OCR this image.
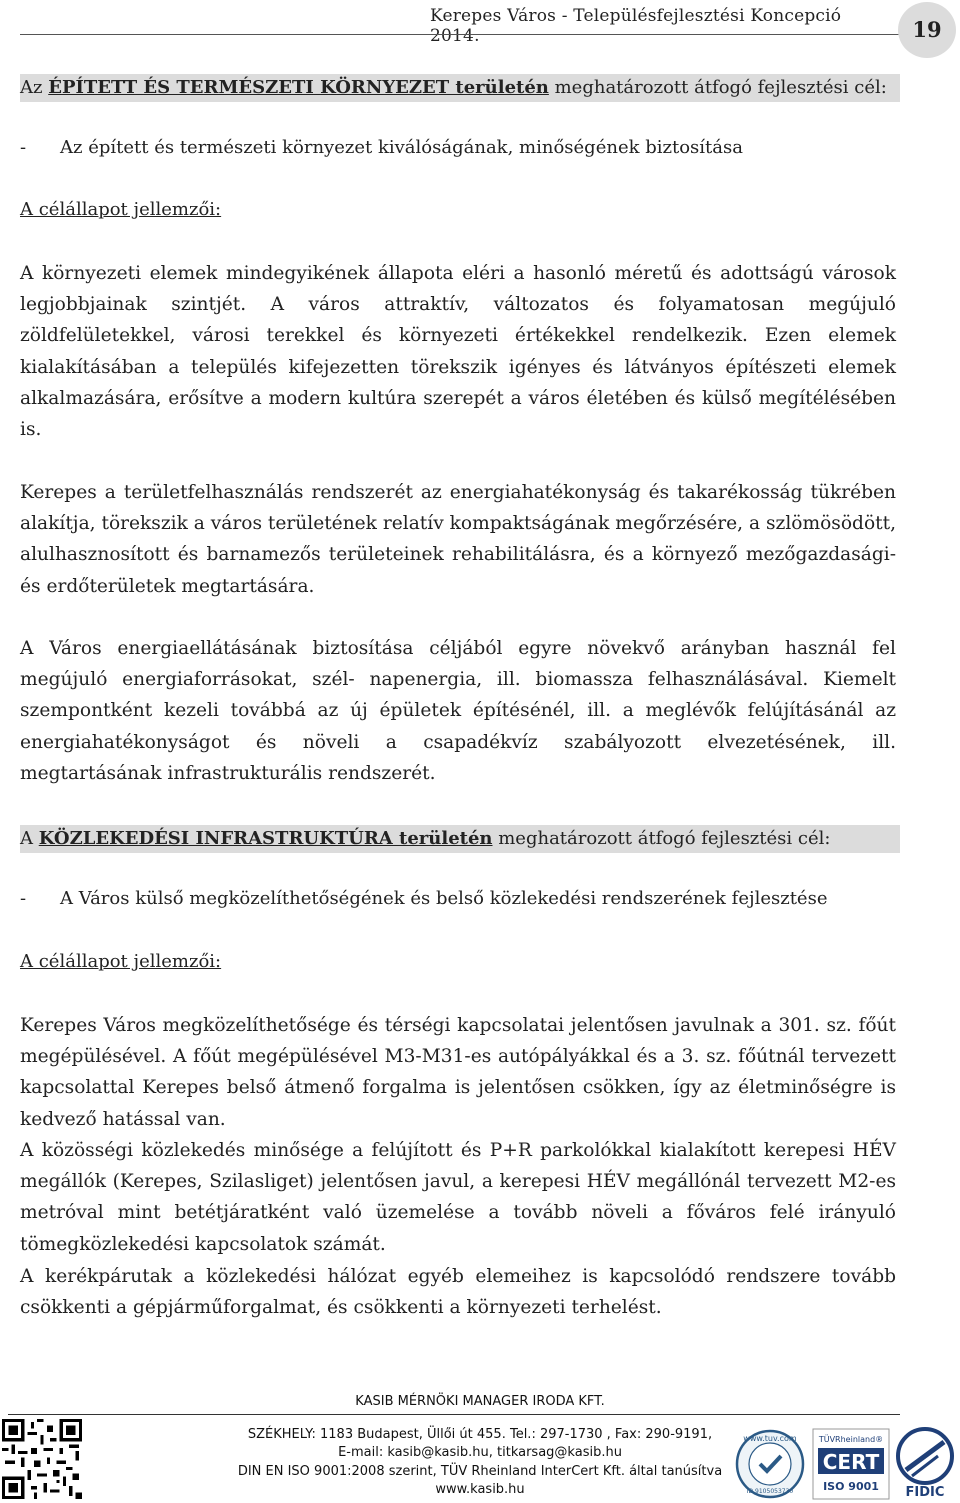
Kerepes Város - Településfejlesztési Koncepció 2014.	19
Az ÉPÍTETT ÉS TERMÉSZETI KÖRNYEZET területén meghatározott átfogó fejlesztési cél:
- Az épített és természeti környezet kiválóságának, minőségének biztosítása
A célállapot jellemzői:
A környezeti elemek mindegyikének állapota eléri a hasonló méretű és adottságú városok legjobbjainak szintjét. A város attraktív, változatos és folyamatosan megújuló zöldfelületekkel, városi terekkel és környezeti értékekkel rendelkezik. Ezen elemek kialakításában a település kifejezetten törekszik igényes és látványos építészeti elemek alkalmazására, erősítve a modern kultúra szerepét a város életében és külső megítélésében is.
Kerepes a területfelhasználás rendszerét az energiahatékonyság és takarékosság tükrében alakítja, törekszik a város területének relatív kompaktságának megőrzésére, a szlömösödött, alulhasznosított és barnamezős területeinek rehabilitálásra, és a környező mezőgazdasági- és erdőterületek megtartására.
A Város energiaellátásának biztosítása céljából egyre növekvő arányban használ fel megújuló energiaforrásokat, szél- napenergia, ill. biomassza felhasználásával. Kiemelt szempontként kezeli továbbá az új épületek építésénél, ill. a meglévők felújításánál az energiahatékonyságot és növeli a csapadékvíz szabályozott elvezetésének, ill. megtartásának infrastrukturális rendszerét.
A KÖZLEKEDÉSI INFRASTRUKTÚRA területén meghatározott átfogó fejlesztési cél:
- A Város külső megközelíthetőségének és belső közlekedési rendszerének fejlesztése
A célállapot jellemzői:
Kerepes Város megközelíthetősége és térségi kapcsolatai jelentősen javulnak a 301. sz. főút megépülésével. A főút megépülésével M3-M31-es autópályákkal és a 3. sz. főútnál tervezett kapcsolattal Kerepes belső átmenő forgalma is jelentősen csökken, így az életminőségre is kedvező hatással van.
A közösségi közlekedés minősége a felújított és P+R parkolókkal kialakított kerepesi HÉV megállók (Kerepes, Szilasliget) jelentősen javul, a kerepesi HÉV megállónál tervezett M2-es metróval mint betétjáratként való üzemelése a tovább növeli a főváros felé irányuló tömegközlekedési kapcsolatok számát.
A kerékpárutak a közlekedési hálózat egyéb elemeihez is kapcsolódó rendszere tovább csökkenti a gépjárműforgalmat, és csökkenti a környezeti terhelést.
KASIB MÉRNÖKI MANAGER IRODA KFT.
SZÉKHELY: 1183 Budapest, Üllői út 455. Tel.: 297-1730 , Fax: 290-9191,
E-mail: kasib@kasib.hu, titkarsag@kasib.hu
DIN EN ISO 9001:2008 szerint, TÜV Rheinland InterCert Kft. által tanúsítva
www.kasib.hu
www.tuv.com
ID 9105053730
TÜVRheinland®
CERT
ISO 9001 FIDIC
